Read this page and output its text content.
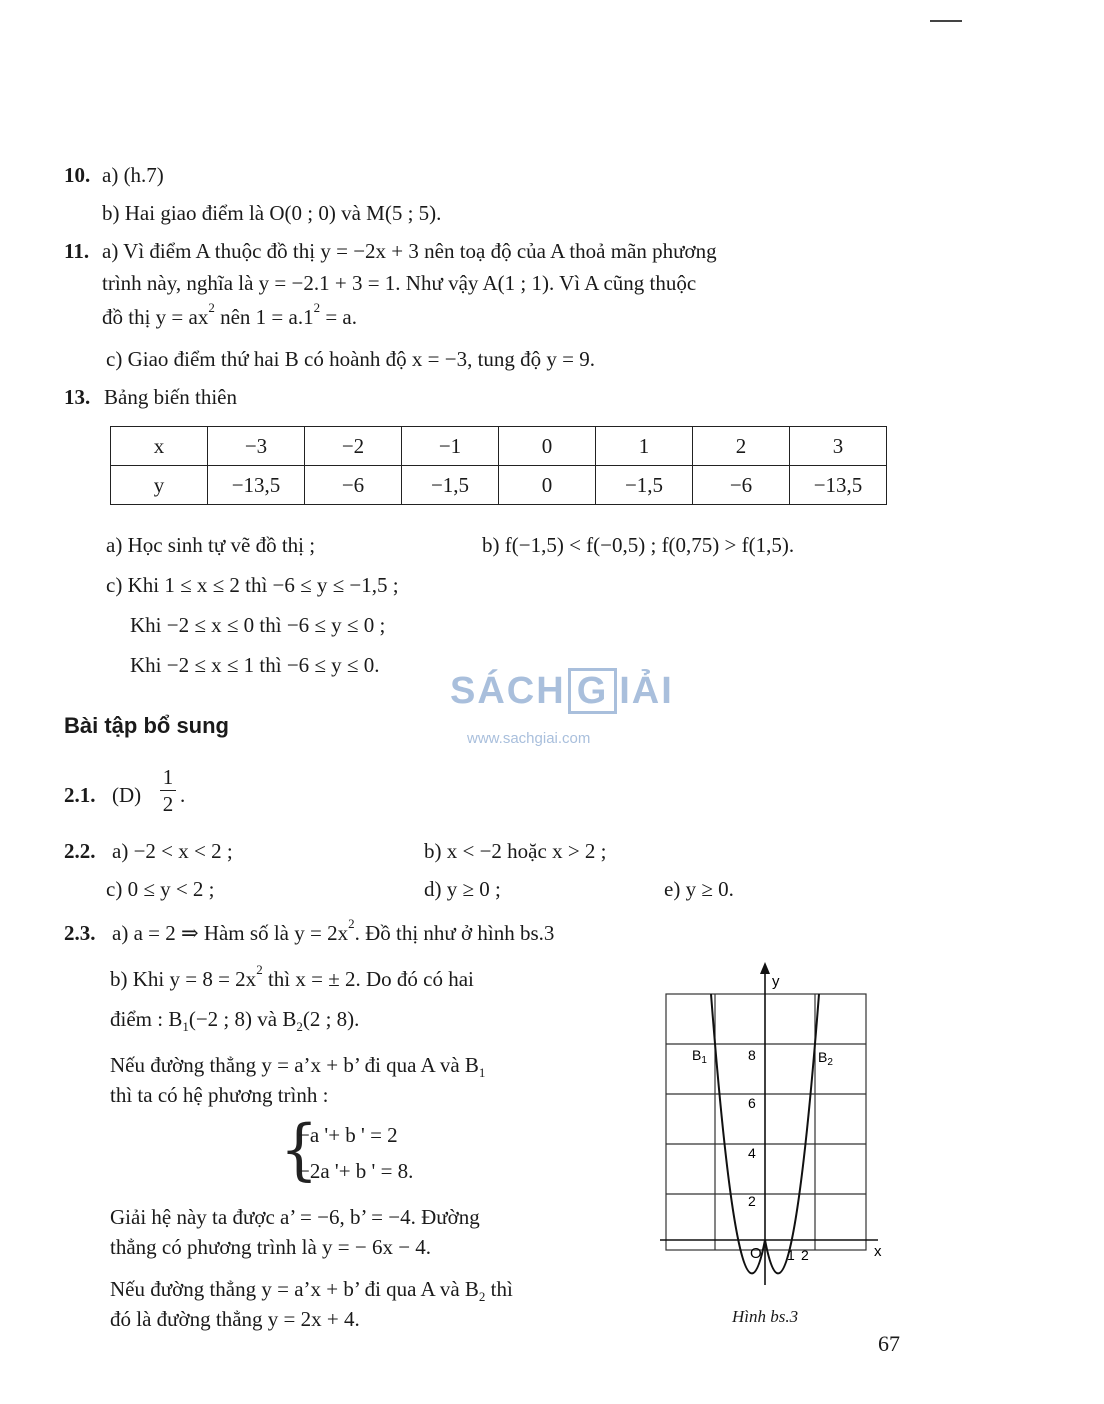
10. a) (h.7)
b) Hai giao điểm là O(0 ; 0) và M(5 ; 5).
11. a) Vì điểm A thuộc đồ thị y = −2x + 3 nên toạ độ của A thoả mãn phương
trình này, nghĩa là y = −2.1 + 3 = 1. Như vậy A(1 ; 1). Vì A cũng thuộc
đồ thị $y = ax^2$ nên $1 = a.1^2 = a$.
c) Giao điểm thứ hai B có hoành độ x = −3, tung độ y = 9.
13. Bảng biến thiên
x	−3	−2	−1	0	1	2	3
y	−13,5	−6	−1,5	0	−1,5	−6	−13,5
a) Học sinh tự vẽ đồ thị ;	b) f(−1,5) < f(−0,5) ; f(0,75) > f(1,5).
c) Khi 1 ≤ x ≤ 2 thì −6 ≤ y ≤ −1,5 ;
Khi −2 ≤ x ≤ 0 thì −6 ≤ y ≤ 0 ;
Khi −2 ≤ x ≤ 1 thì −6 ≤ y ≤ 0.
SÁCH G IẢI
www.sachgiai.com
Bài tập bổ sung
2.1. $(D) \frac{1}{2}$ .
2.2. a) −2 < x < 2 ;	b) x < −2 hoặc x > 2 ;
c) 0 ≤ y < 2 ;	d) y ≥ 0 ;	e) y ≥ 0.
2.3. a) a = 2 ⇒ Hàm số là $y = 2x^2$. Đồ thị như ở hình bs.3
b) Khi $y = 8 = 2x^2$ thì x = ± 2. Do đó có hai
điểm : $B_1(-2$ ; 8) và $B_2(2$ ; 8).
Nếu đường thẳng y = a’x + b’ đi qua A và $B_1$
thì ta có hệ phương trình :
{
−a '+ b ' = 2
−2a '+ b ' = 8.
Giải hệ này ta được a’ = −6, b’ = −4. Đường
thẳng có phương trình là y = − 6x − 4.
Nếu đường thẳng y = a’x + b’ đi qua A và $B_2$ thì
đó là đường thẳng y = 2x + 4.
y
x
O
2
4
6
8
1 2
$B_1$	$B_2$
Hình bs.3
67
